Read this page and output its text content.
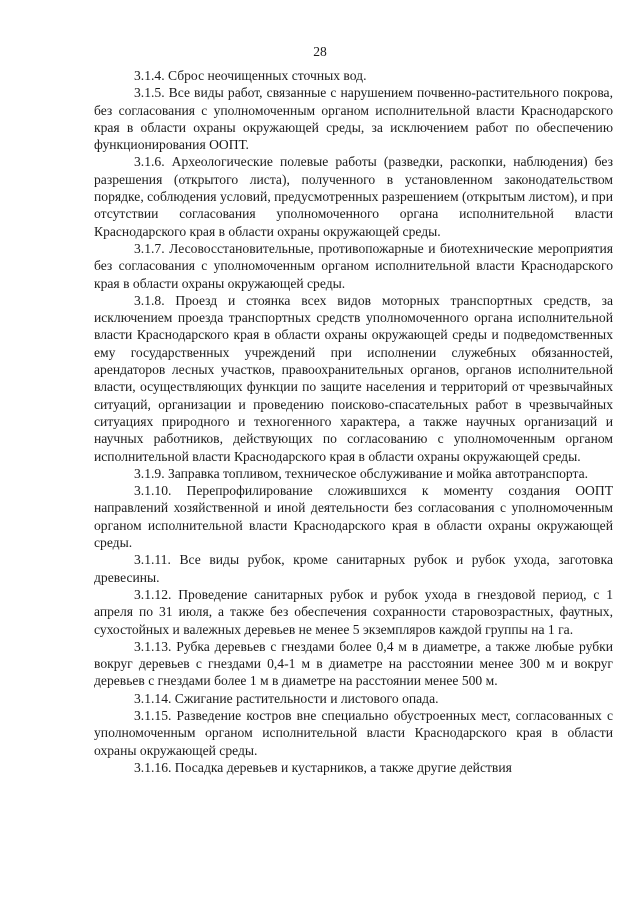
28

3.1.4. Сброс неочищенных сточных вод.

3.1.5. Все виды работ, связанные с нарушением почвенно-растительного покрова, без согласования с уполномоченным органом исполнительной власти Краснодарского края в области охраны окружающей среды, за исключением работ по обеспечению функционирования ООПТ.

3.1.6. Археологические полевые работы (разведки, раскопки, наблюдения) без разрешения (открытого листа), полученного в установленном законодательством порядке, соблюдения условий, предусмотренных разрешением (открытым листом), и при отсутствии согласования уполномоченного органа исполнительной власти Краснодарского края в области охраны окружающей среды.

3.1.7. Лесовосстановительные, противопожарные и биотехнические мероприятия без согласования с уполномоченным органом исполнительной власти Краснодарского края в области охраны окружающей среды.

3.1.8. Проезд и стоянка всех видов моторных транспортных средств, за исключением проезда транспортных средств уполномоченного органа исполнительной власти Краснодарского края в области охраны окружающей среды и подведомственных ему государственных учреждений при исполнении служебных обязанностей, арендаторов лесных участков, правоохранительных органов, органов исполнительной власти, осуществляющих функции по защите населения и территорий от чрезвычайных ситуаций, организации и проведению поисково-спасательных работ в чрезвычайных ситуациях природного и техногенного характера, а также научных организаций и научных работников, действующих по согласованию с уполномоченным органом исполнительной власти Краснодарского края в области охраны окружающей среды.

3.1.9. Заправка топливом, техническое обслуживание и мойка автотранспорта.

3.1.10. Перепрофилирование сложившихся к моменту создания ООПТ направлений хозяйственной и иной деятельности без согласования с уполномоченным органом исполнительной власти Краснодарского края в области охраны окружающей среды.

3.1.11. Все виды рубок, кроме санитарных рубок и рубок ухода, заготовка древесины.

3.1.12. Проведение санитарных рубок и рубок ухода в гнездовой период, с 1 апреля по 31 июля, а также без обеспечения сохранности старовозрастных, фаутных, сухостойных и валежных деревьев не менее 5 экземпляров каждой группы на 1 га.

3.1.13. Рубка деревьев с гнездами более 0,4 м в диаметре, а также любые рубки вокруг деревьев с гнездами 0,4-1 м в диаметре на расстоянии менее 300 м и вокруг деревьев с гнездами более 1 м в диаметре на расстоянии менее 500 м.

3.1.14. Сжигание растительности и листового опада.

3.1.15. Разведение костров вне специально обустроенных мест, согласованных с уполномоченным органом исполнительной власти Краснодарского края в области охраны окружающей среды.

3.1.16. Посадка деревьев и кустарников, а также другие действия
